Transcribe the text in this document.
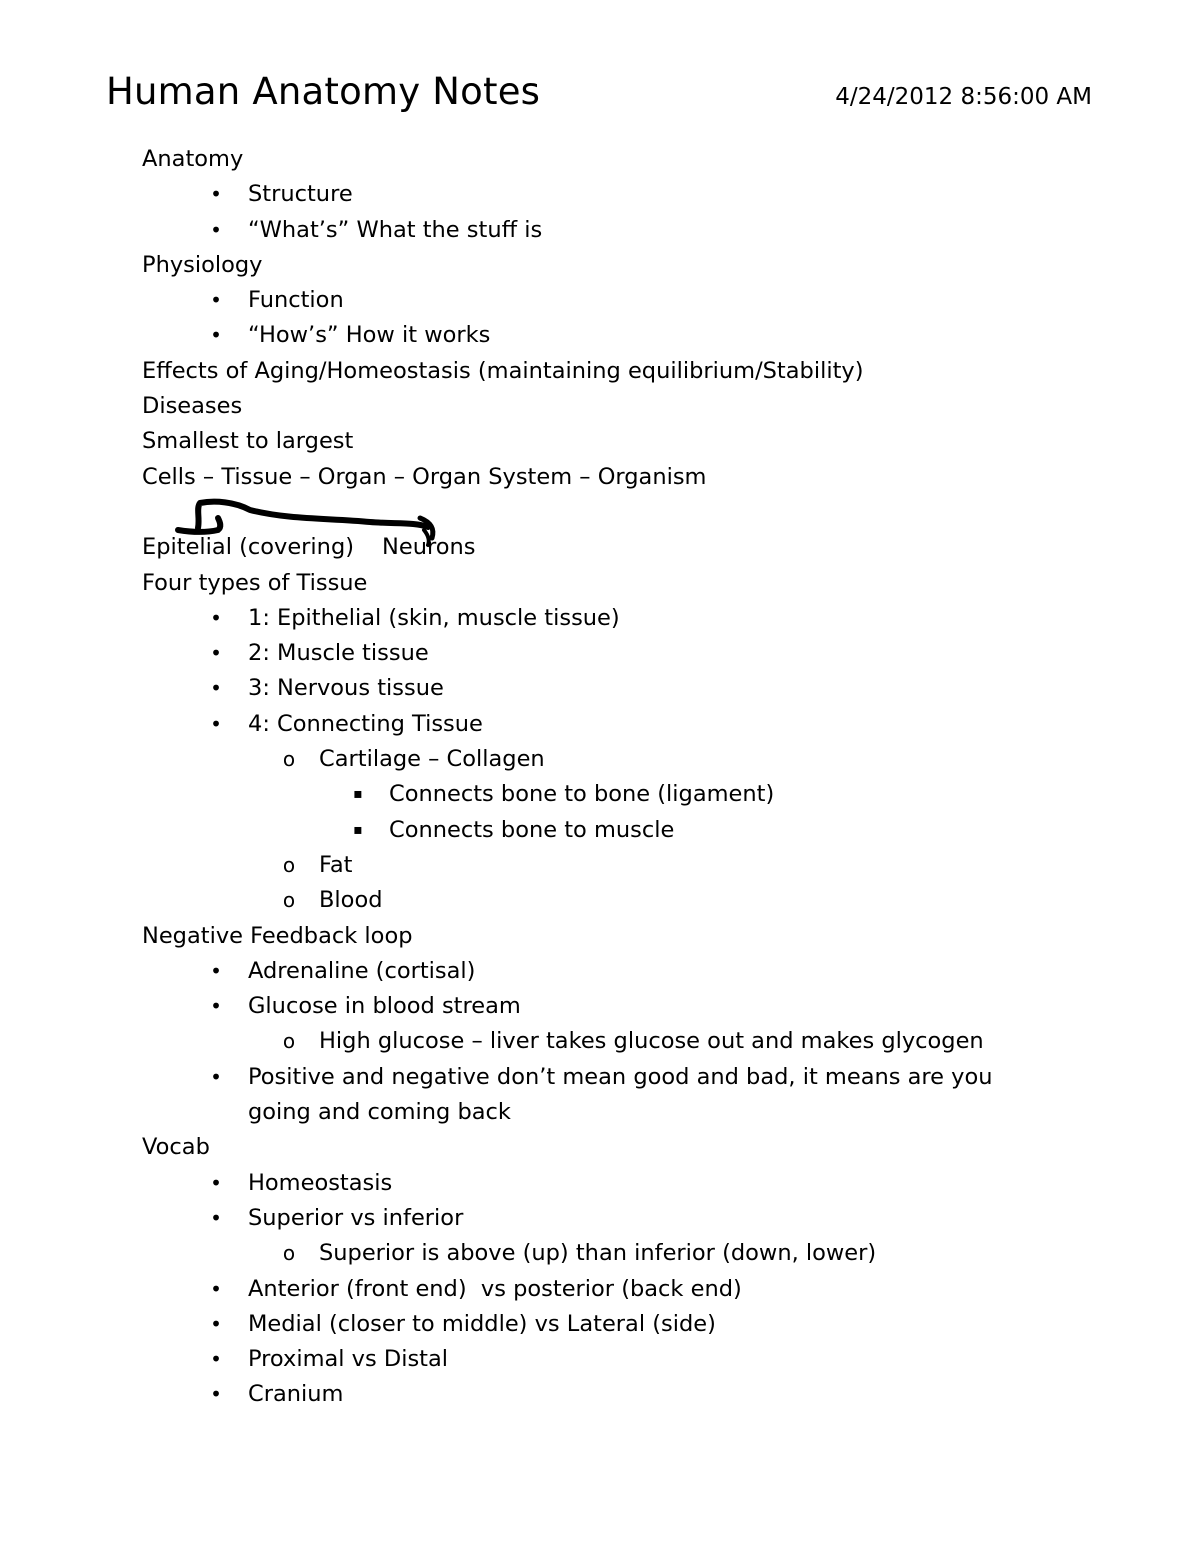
Human Anatomy Notes	4/24/2012 8:56:00 AM
Anatomy
• Structure
• “What’s” What the stuff is
Physiology
• Function
• “How’s” How it works
Effects of Aging/Homeostasis (maintaining equilibrium/Stability)
Diseases
Smallest to largest
Cells – Tissue – Organ – Organ System – Organism
Epitelial (covering) Neurons
Four types of Tissue
• 1: Epithelial (skin, muscle tissue)
• 2: Muscle tissue
• 3: Nervous tissue
• 4: Connecting Tissue
o Cartilage – Collagen
▪ Connects bone to bone (ligament)
▪ Connects bone to muscle
o Fat
o Blood
Negative Feedback loop
• Adrenaline (cortisal)
• Glucose in blood stream
o High glucose – liver takes glucose out and makes glycogen
• Positive and negative don’t mean good and bad, it means are you going and coming back
Vocab
• Homeostasis
• Superior vs inferior
o Superior is above (up) than inferior (down, lower)
• Anterior (front end)  vs posterior (back end)
• Medial (closer to middle) vs Lateral (side)
• Proximal vs Distal
• Cranium
